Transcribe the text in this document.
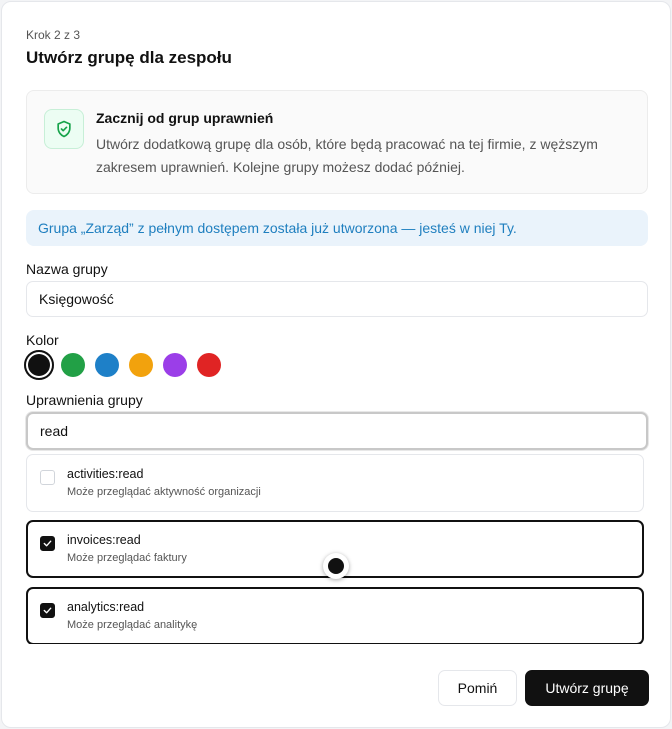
Krok 2 z 3
Utwórz grupę dla zespołu
Zacznij od grup uprawnień
Utwórz dodatkową grupę dla osób, które będą pracować na tej firmie, z węższym zakresem uprawnień. Kolejne grupy możesz dodać później.
Grupa „Zarząd” z pełnym dostępem została już utworzona — jesteś w niej Ty.
Nazwa grupy
Księgowość
Kolor
Uprawnienia grupy
read
activities:read
Może przeglądać aktywność organizacji
invoices:read
Może przeglądać faktury
analytics:read
Może przeglądać analitykę
Pomiń	Utwórz grupę
